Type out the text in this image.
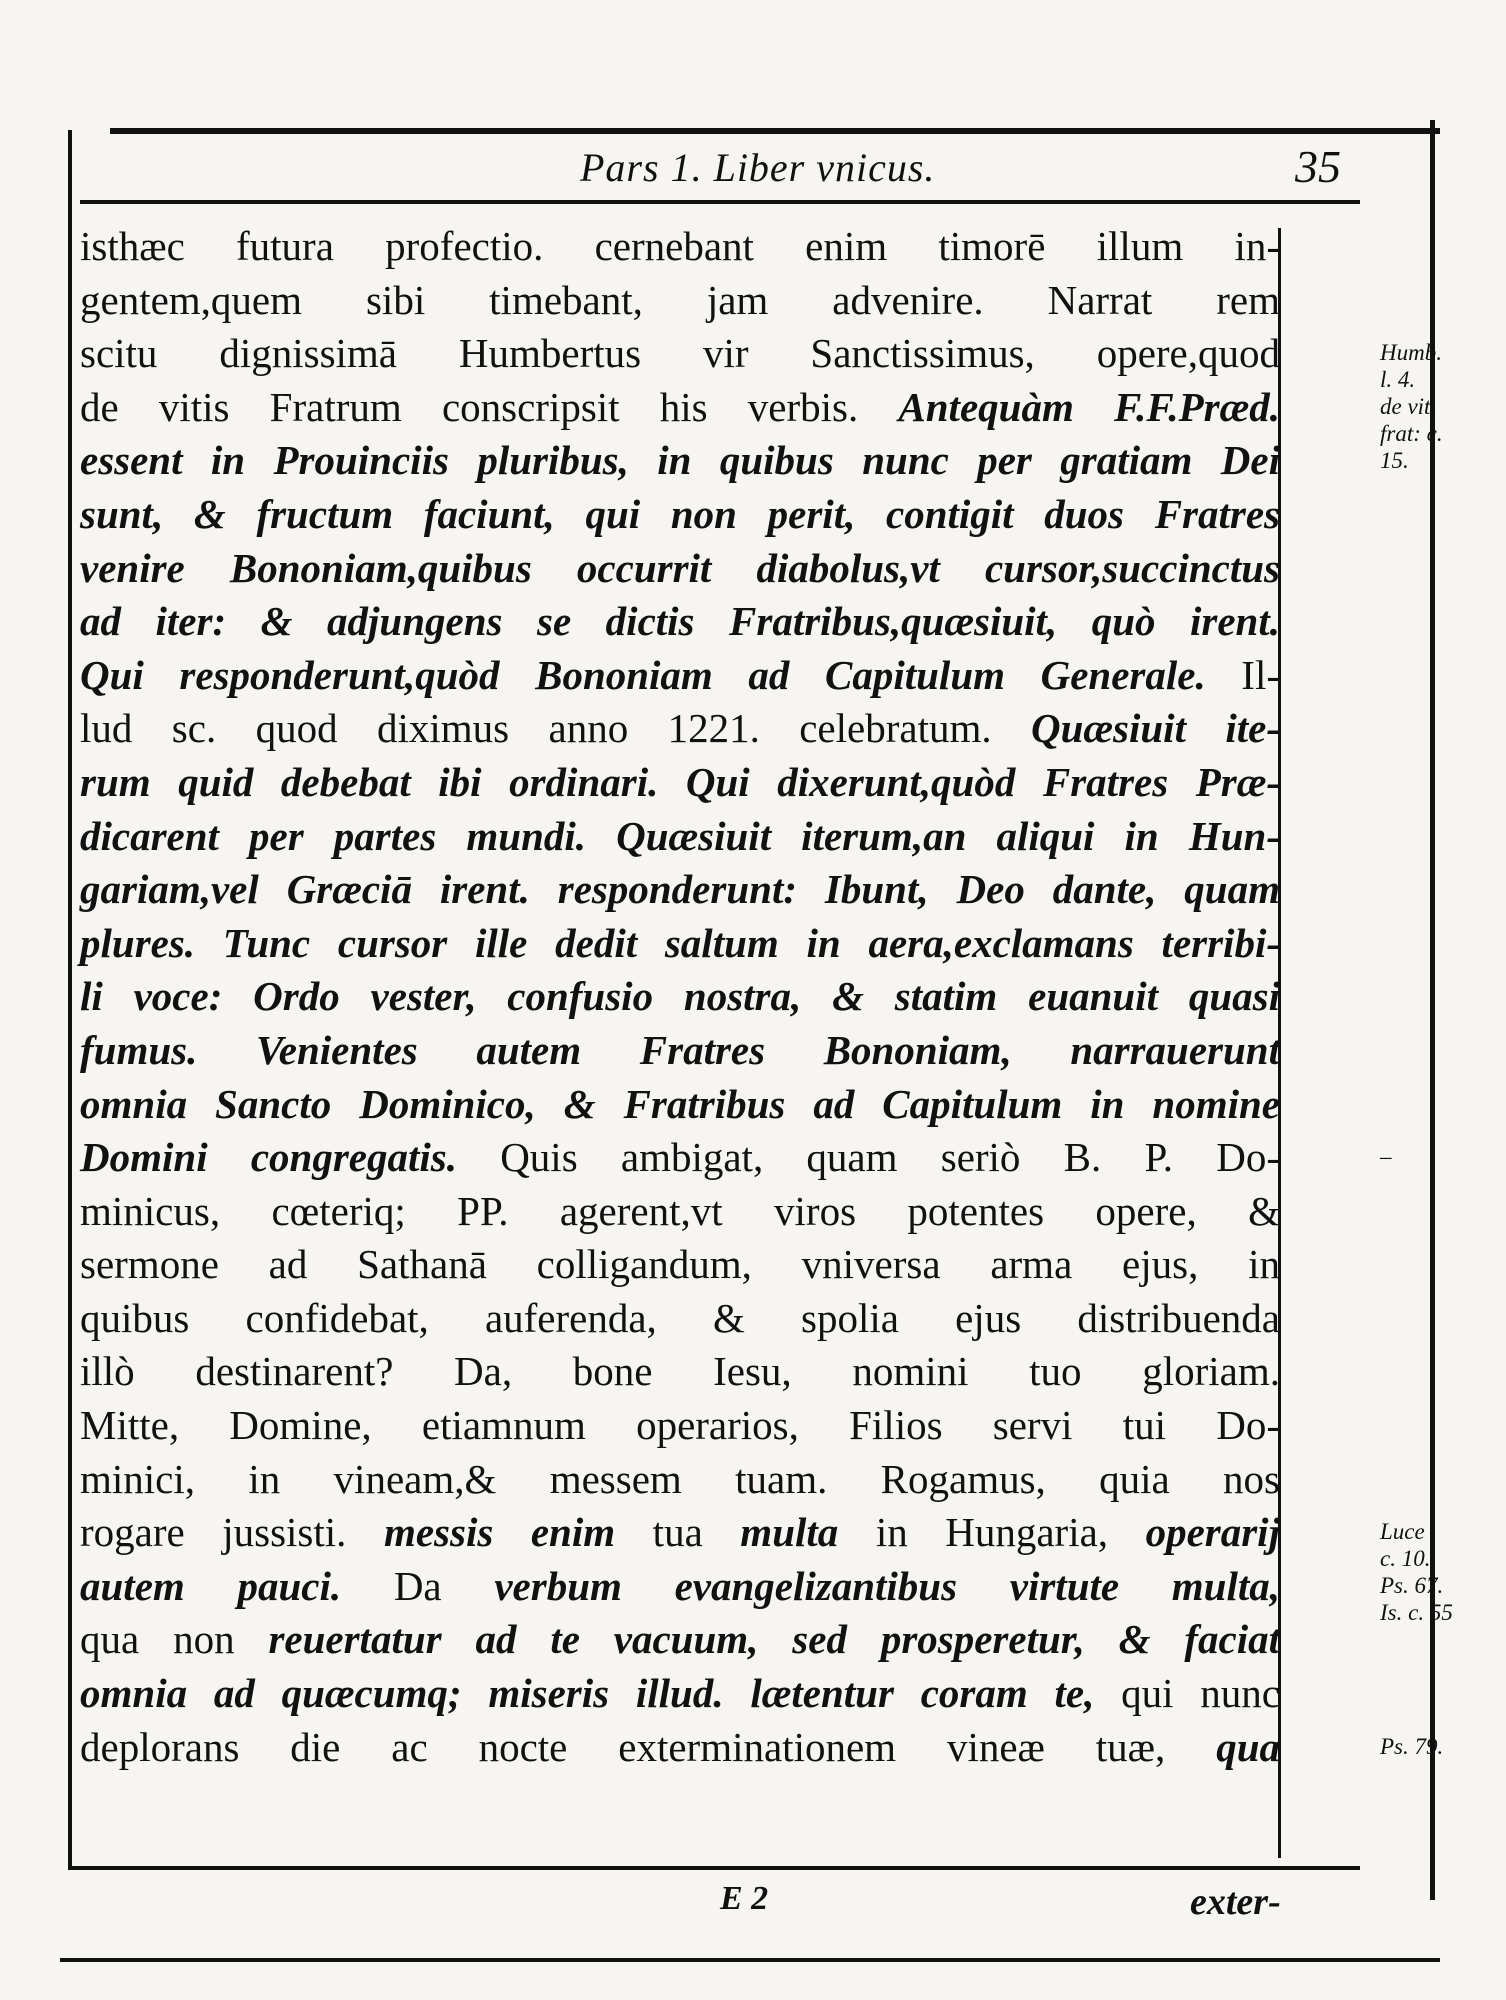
Pars 1. Liber vnicus.	35
isthæc futura profectio. cernebant enim timorē illum in-
gentem,quem sibi timebant, jam advenire. Narrat rem
scitu dignissimā Humbertus vir Sanctissimus, opere,quod
de vitis Fratrum conscripsit his verbis. Antequàm F.F.Præd.
essent in Prouinciis pluribus, in quibus nunc per gratiam Dei
sunt, & fructum faciunt, qui non perit, contigit duos Fratres
venire Bononiam,quibus occurrit diabolus,vt cursor,succinctus
ad iter: & adjungens se dictis Fratribus,quæsiuit, quò irent.
Qui responderunt,quòd Bononiam ad Capitulum Generale. Il-
lud sc. quod diximus anno 1221. celebratum. Quæsiuit ite-
rum quid debebat ibi ordinari. Qui dixerunt,quòd Fratres Præ-
dicarent per partes mundi. Quæsiuit iterum,an aliqui in Hun-
gariam,vel Græciā irent. responderunt: Ibunt, Deo dante, quam
plures. Tunc cursor ille dedit saltum in aera,exclamans terribi-
li voce: Ordo vester, confusio nostra, & statim euanuit quasi
fumus. Venientes autem Fratres Bononiam, narrauerunt
omnia Sancto Dominico, & Fratribus ad Capitulum in nomine
Domini congregatis. Quis ambigat, quam seriò B. P. Do-
minicus, cœteriq; PP. agerent,vt viros potentes opere, &
sermone ad Sathanā colligandum, vniversa arma ejus, in
quibus confidebat, auferenda, & spolia ejus distribuenda
illò destinarent? Da, bone Iesu, nomini tuo gloriam.
Mitte, Domine, etiamnum operarios, Filios servi tui Do-
minici, in vineam,& messem tuam. Rogamus, quia nos
rogare jussisti. messis enim tua multa in Hungaria, operarij
autem pauci. Da verbum evangelizantibus virtute multa,
qua non reuertatur ad te vacuum, sed prosperetur, & faciat
omnia ad quæcumq; miseris illud. lætentur coram te, qui nunc
deplorans die ac nocte exterminationem vineæ tuæ, qua
Humb.
l. 4.
de vit.
frat: c.
15.
–
Luce
c. 10.
Ps. 67.
Is. c. 55
Ps. 79.
E 2	exter-
